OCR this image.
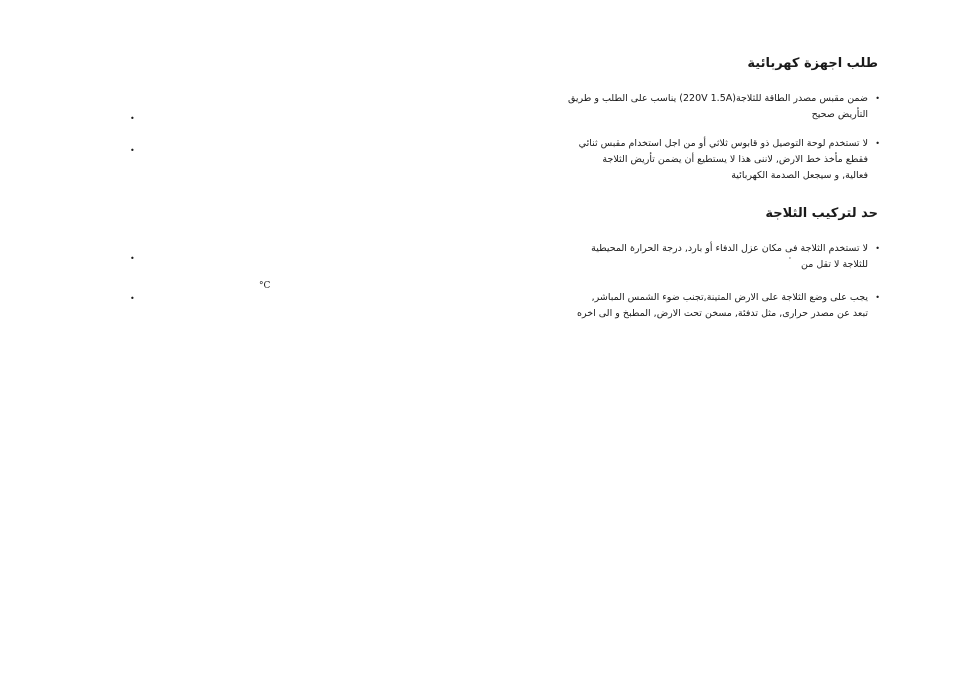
طلب اجهزة كهربائية
•

ضمن مقبس مصدر الطاقة للثلاجة(220V 1.5A) يناسب على الطلب و طريق

التأريض صحيح

•

لا تستخدم لوحة التوصيل ذو قابوس ثلاثي أو من اجل استخدام مقبس ثنائي

فقطع مأخذ خط الارض, لاننى هذا لا يستطيع أن يضمن تأريض الثلاجة

فعالية, و سيجعل الصدمة الكهربائية

حد لتركيب الثلاجة
•

لا تستخدم الثلاجة فى مكان عزل الدفاء أو بارد, درجة الحرارة المحيطية

للثلاجة لا تقل من

'
•

يجب على وضع الثلاجة على الارض المتينة,تجنب ضوء الشمس المباشر,

تبعد عن مصدر حرارى, مثل تدفئة, مسخن تحت الارض, المطبخ و الى اخره

•
•
•
•
°C
